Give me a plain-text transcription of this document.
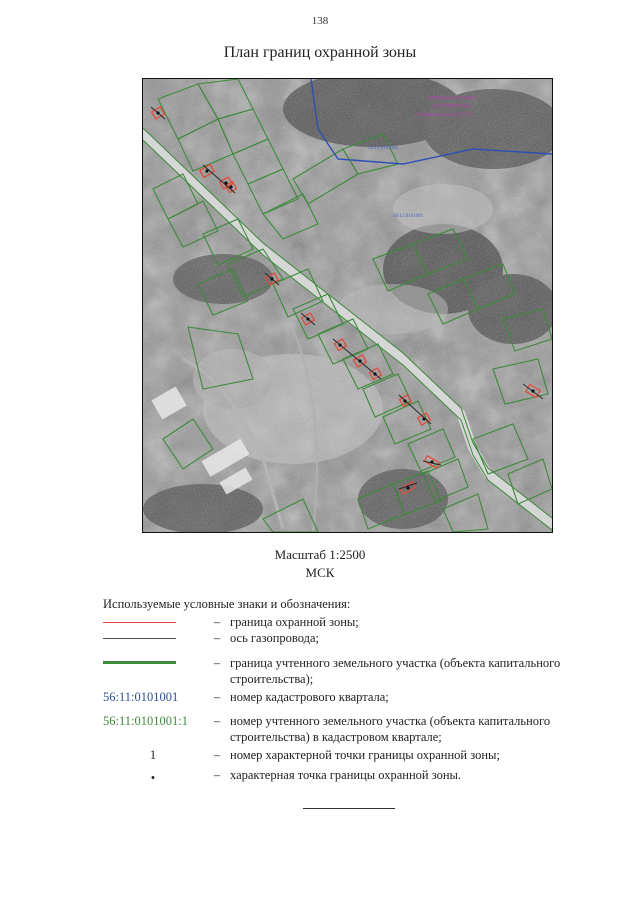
138
План границ охранной зоны
Оренбургская область,
р-н Матвеевский,
с/с Новоспасский 56:17:2:2
56:11:0101001
56:11:0101001
Масштаб 1:2500
МСК
Используемые условные знаки и обозначения:
– граница охранной зоны;
– ось газопровода;
– граница учтенного земельного участка (объекта капитального строительства);
56:11:0101001	– номер кадастрового квартала;
56:11:0101001:1	– номер учтенного земельного участка (объекта капитального строительства) в кадастровом квартале;
1	– номер характерной точки границы охранной зоны;
•	– характерная точка границы охранной зоны.
